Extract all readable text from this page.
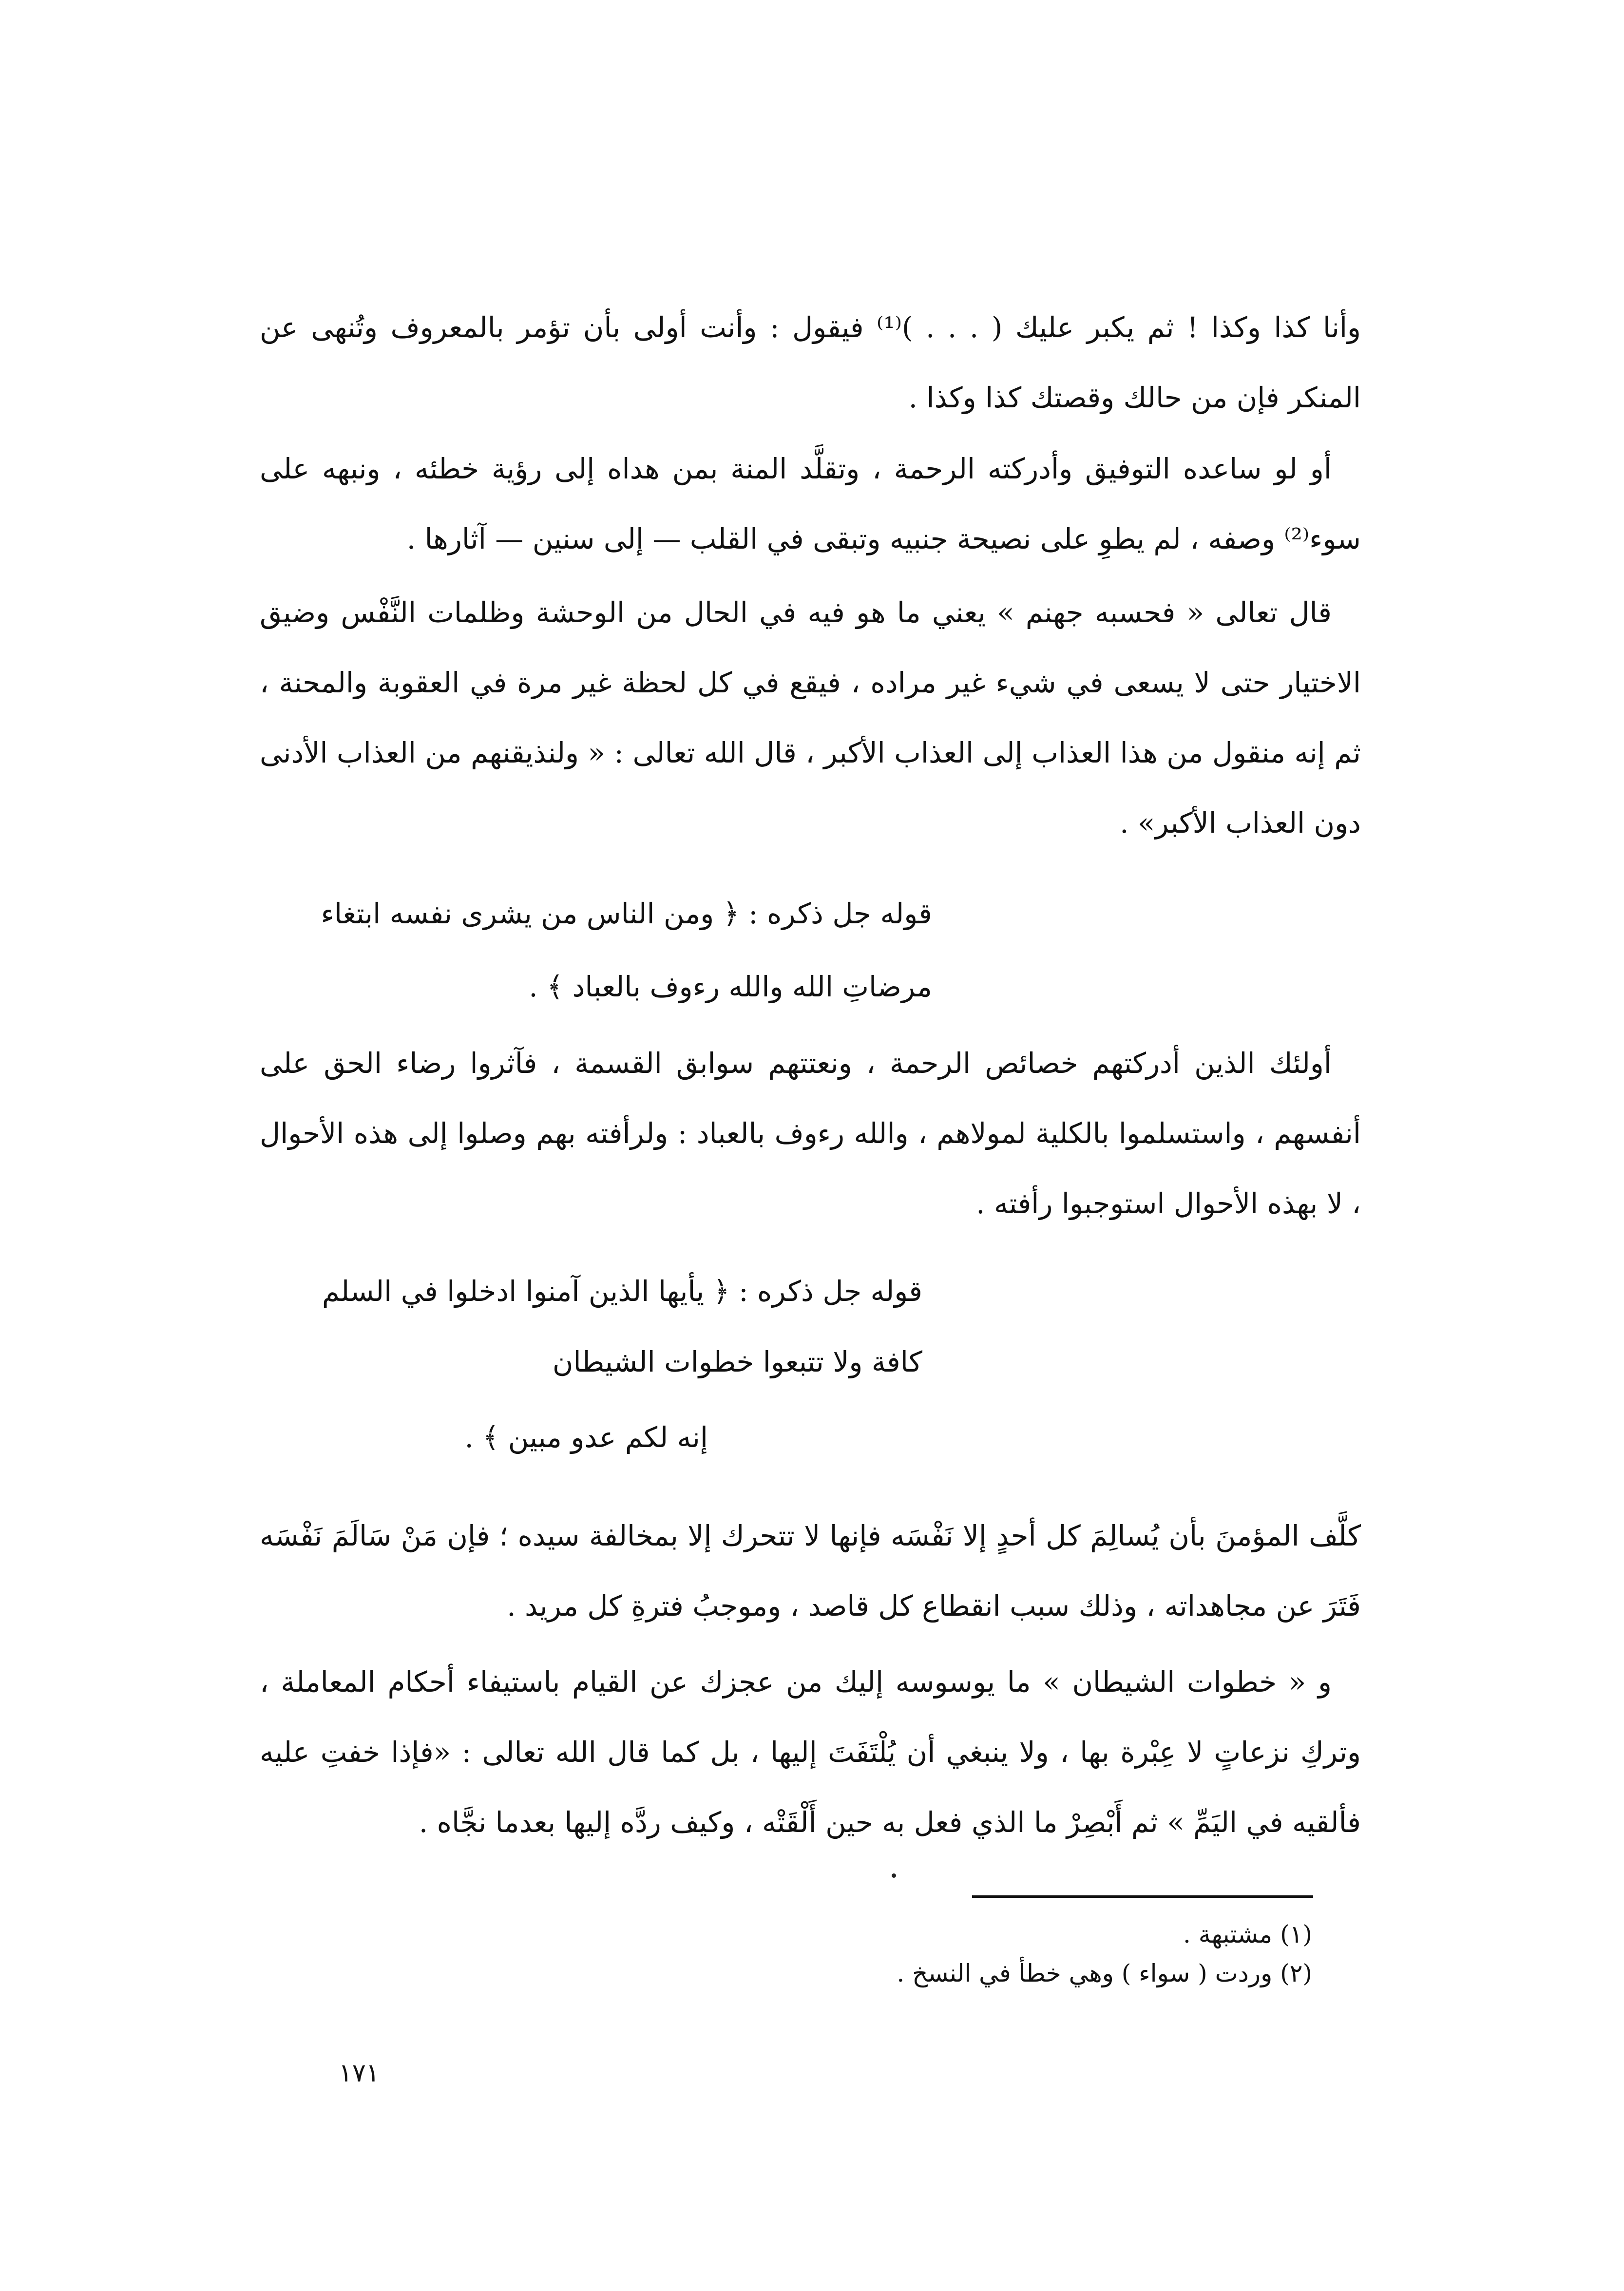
وأنا كذا وكذا ! ثم يكبر عليك ( . . . )⁽¹⁾ فيقول : وأنت أولى بأن تؤمر بالمعروف وتُنهى عن المنكر فإن من حالك وقصتك كذا وكذا .

أو لو ساعده التوفيق وأدركته الرحمة ، وتقلَّد المنة بمن هداه إلى رؤية خطئه ، ونبهه على سوء⁽²⁾ وصفه ، لم يطوِ على نصيحة جنبيه وتبقى في القلب — إلى سنين — آثارها .

قال تعالى « فحسبه جهنم » يعني ما هو فيه في الحال من الوحشة وظلمات النَّفْس وضيق الاختيار حتى لا يسعى في شيء غير مراده ، فيقع في كل لحظة غير مرة في العقوبة والمحنة ، ثم إنه منقول من هذا العذاب إلى العذاب الأكبر ، قال الله تعالى : « ولنذيقنهم من العذاب الأدنى دون العذاب الأكبر» .

قوله جل ذكره : ﴿ ومن الناس من يشرى نفسه ابتغاء
مرضاتِ الله والله رءوف بالعباد ﴾ .

أولئك الذين أدركتهم خصائص الرحمة ، ونعتتهم سوابق القسمة ، فآثروا رضاء الحق على أنفسهم ، واستسلموا بالكلية لمولاهم ، والله رءوف بالعباد : ولرأفته بهم وصلوا إلى هذه الأحوال ، لا بهذه الأحوال استوجبوا رأفته .

قوله جل ذكره : ﴿ يأيها الذين آمنوا ادخلوا في السلم
كافة ولا تتبعوا خطوات الشيطان
إنه لكم عدو مبين ﴾ .

كلَّف المؤمنَ بأن يُسالِمَ كل أحدٍ إلا نَفْسَه فإنها لا تتحرك إلا بمخالفة سيده ؛ فإن مَنْ سَالَمَ نَفْسَه فَتَرَ عن مجاهداته ، وذلك سبب انقطاع كل قاصد ، وموجبُ فترةِ كل مريد .

و « خطوات الشيطان » ما يوسوسه إليك من عجزك عن القيام باستيفاء أحكام المعاملة ، وتركِ نزعاتٍ لا عِبْرة بها ، ولا ينبغي أن يُلْتَفَتَ إليها ، بل كما قال الله تعالى : «فإذا خفتِ عليه فألقيه في اليَمِّ » ثم أَبْصِرْ ما الذي فعل به حين أَلْقَتْه ، وكيف ردَّه إليها بعدما نجَّاه .

(١) مشتبهة .

(٢) وردت ( سواء ) وهي خطأ في النسخ .

١٧١
